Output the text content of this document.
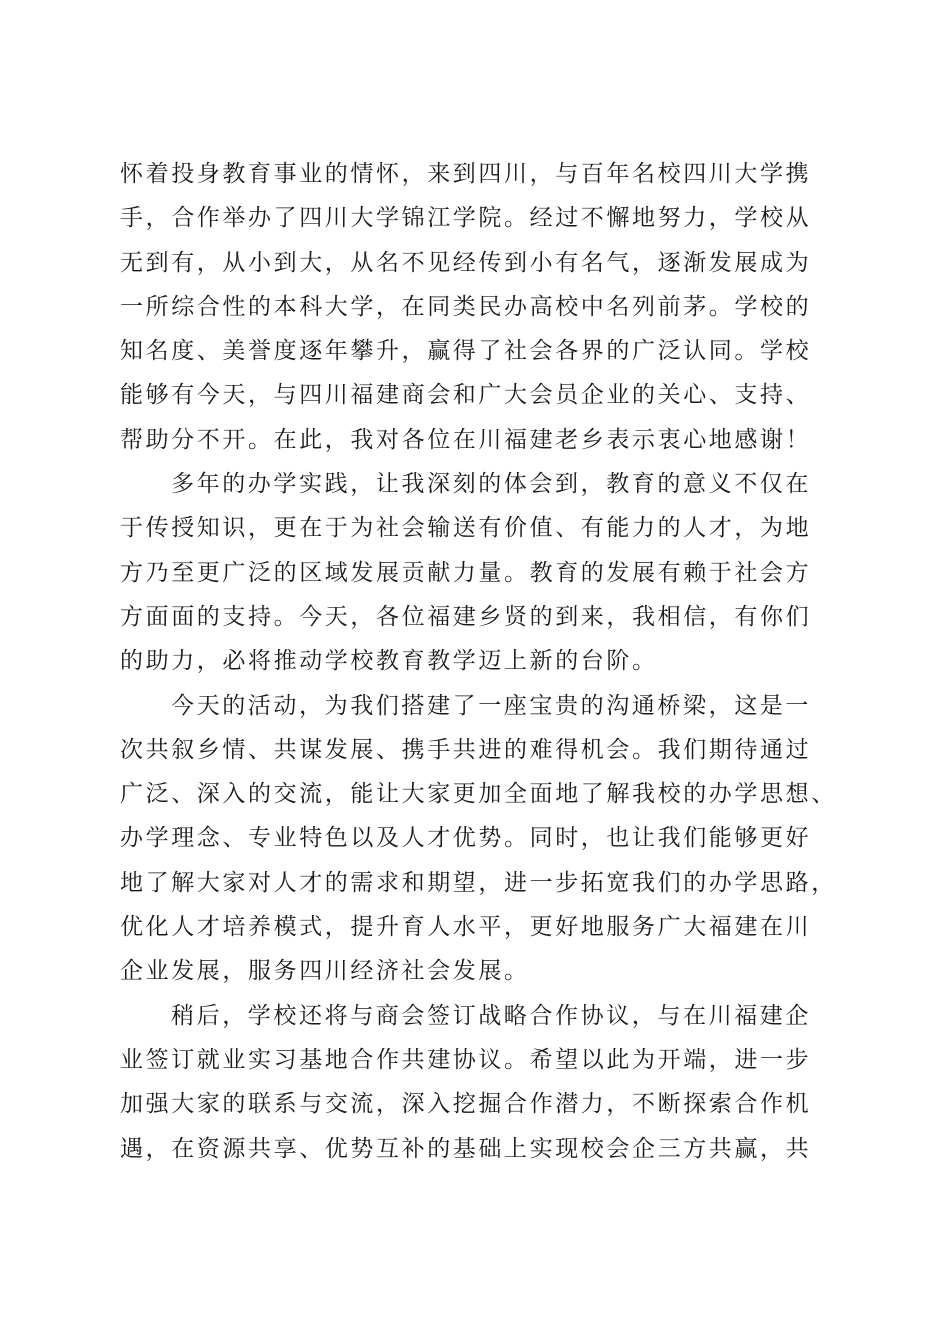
怀着投身教育事业的情怀，来到四川，与百年名校四川大学携
手，合作举办了四川大学锦江学院。经过不懈地努力，学校从
无到有，从小到大，从名不见经传到小有名气，逐渐发展成为
一所综合性的本科大学，在同类民办高校中名列前茅。学校的
知名度、美誉度逐年攀升，赢得了社会各界的广泛认同。学校
能够有今天，与四川福建商会和广大会员企业的关心、支持、
帮助分不开。在此，我对各位在川福建老乡表示衷心地感谢！
多年的办学实践，让我深刻的体会到，教育的意义不仅在
于传授知识，更在于为社会输送有价值、有能力的人才，为地
方乃至更广泛的区域发展贡献力量。教育的发展有赖于社会方
方面面的支持。今天，各位福建乡贤的到来，我相信，有你们
的助力，必将推动学校教育教学迈上新的台阶。
今天的活动，为我们搭建了一座宝贵的沟通桥梁，这是一
次共叙乡情、共谋发展、携手共进的难得机会。我们期待通过
广泛、深入的交流，能让大家更加全面地了解我校的办学思想、
办学理念、专业特色以及人才优势。同时，也让我们能够更好
地了解大家对人才的需求和期望，进一步拓宽我们的办学思路，
优化人才培养模式，提升育人水平，更好地服务广大福建在川
企业发展，服务四川经济社会发展。
稍后，学校还将与商会签订战略合作协议，与在川福建企
业签订就业实习基地合作共建协议。希望以此为开端，进一步
加强大家的联系与交流，深入挖掘合作潜力，不断探索合作机
遇，在资源共享、优势互补的基础上实现校会企三方共赢，共
